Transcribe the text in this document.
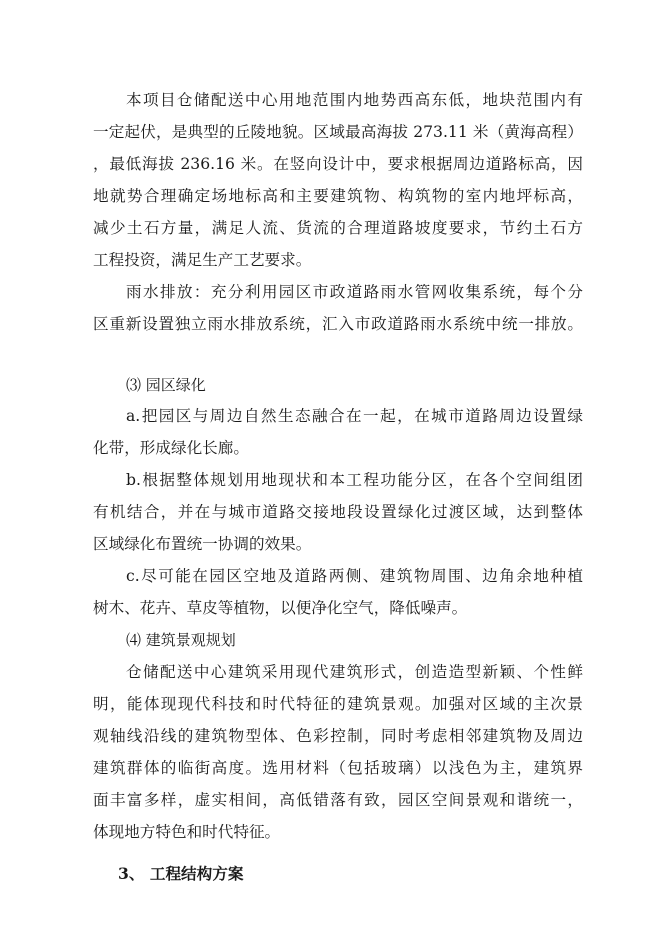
本项目仓储配送中心用地范围内地势西高东低，地块范围内有
一定起伏，是典型的丘陵地貌。区域最高海拔 273.11 米（黄海高程）
，最低海拔 236.16 米。在竖向设计中，要求根据周边道路标高，因
地就势合理确定场地标高和主要建筑物、构筑物的室内地坪标高，
减少土石方量，满足人流、货流的合理道路坡度要求，节约土石方
工程投资，满足生产工艺要求。
雨水排放：充分利用园区市政道路雨水管网收集系统，每个分
区重新设置独立雨水排放系统，汇入市政道路雨水系统中统一排放。
⑶ 园区绿化
a.把园区与周边自然生态融合在一起，在城市道路周边设置绿
化带，形成绿化长廊。
b.根据整体规划用地现状和本工程功能分区，在各个空间组团
有机结合，并在与城市道路交接地段设置绿化过渡区域，达到整体
区域绿化布置统一协调的效果。
c.尽可能在园区空地及道路两侧、建筑物周围、边角余地种植
树木、花卉、草皮等植物，以便净化空气，降低噪声。
⑷ 建筑景观规划
仓储配送中心建筑采用现代建筑形式，创造造型新颖、个性鲜
明，能体现现代科技和时代特征的建筑景观。加强对区域的主次景
观轴线沿线的建筑物型体、色彩控制，同时考虑相邻建筑物及周边
建筑群体的临街高度。选用材料（包括玻璃）以浅色为主，建筑界
面丰富多样，虚实相间，高低错落有致，园区空间景观和谐统一，
体现地方特色和时代特征。
3、 工程结构方案
